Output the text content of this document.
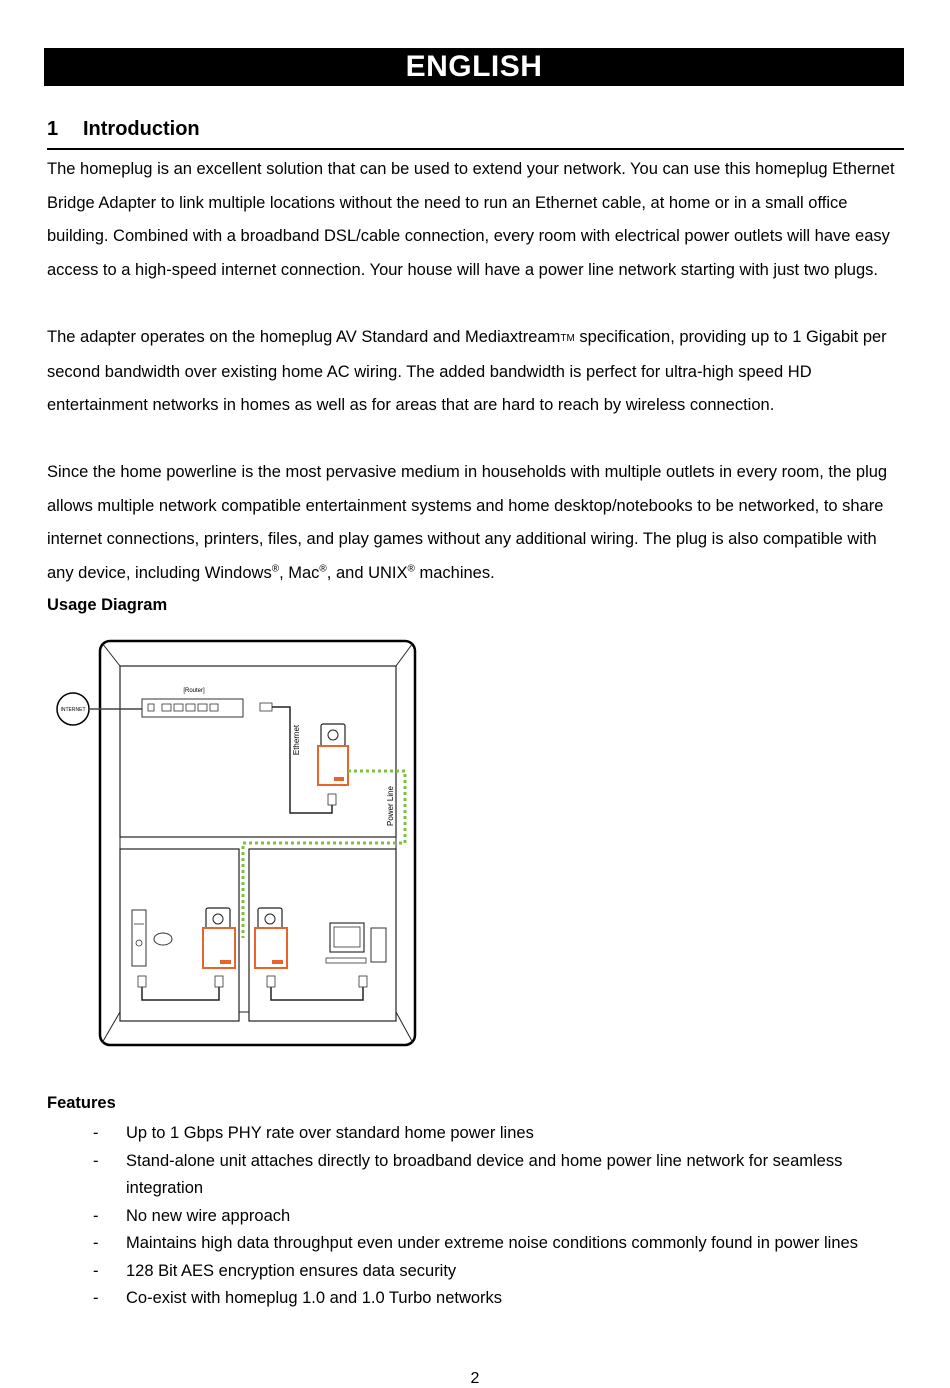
ENGLISH
1 Introduction

The homeplug is an excellent solution that can be used to extend your network. You can use this homeplug Ethernet Bridge Adapter to link multiple locations without the need to run an Ethernet cable, at home or in a small office building. Combined with a broadband DSL/cable connection, every room with electrical power outlets will have easy access to a high-speed internet connection. Your house will have a power line network starting with just two plugs.

The adapter operates on the homeplug AV Standard and MediaxtreamTM specification, providing up to 1 Gigabit per second bandwidth over existing home AC wiring. The added bandwidth is perfect for ultra-high speed HD entertainment networks in homes as well as for areas that are hard to reach by wireless connection.

Since the home powerline is the most pervasive medium in households with multiple outlets in every room, the plug allows multiple network compatible entertainment systems and home desktop/notebooks to be networked, to share internet connections, printers, files, and play games without any additional wiring. The plug is also compatible with any device, including Windows®, Mac®, and UNIX® machines.

Usage Diagram
INTERNET
[Router]
Ethernet
Power Line
Features
- Up to 1 Gbps PHY rate over standard home power lines
- Stand-alone unit attaches directly to broadband device and home power line network for seamless integration
- No new wire approach
- Maintains high data throughput even under extreme noise conditions commonly found in power lines
- 128 Bit AES encryption ensures data security
- Co-exist with homeplug 1.0 and 1.0 Turbo networks
2
